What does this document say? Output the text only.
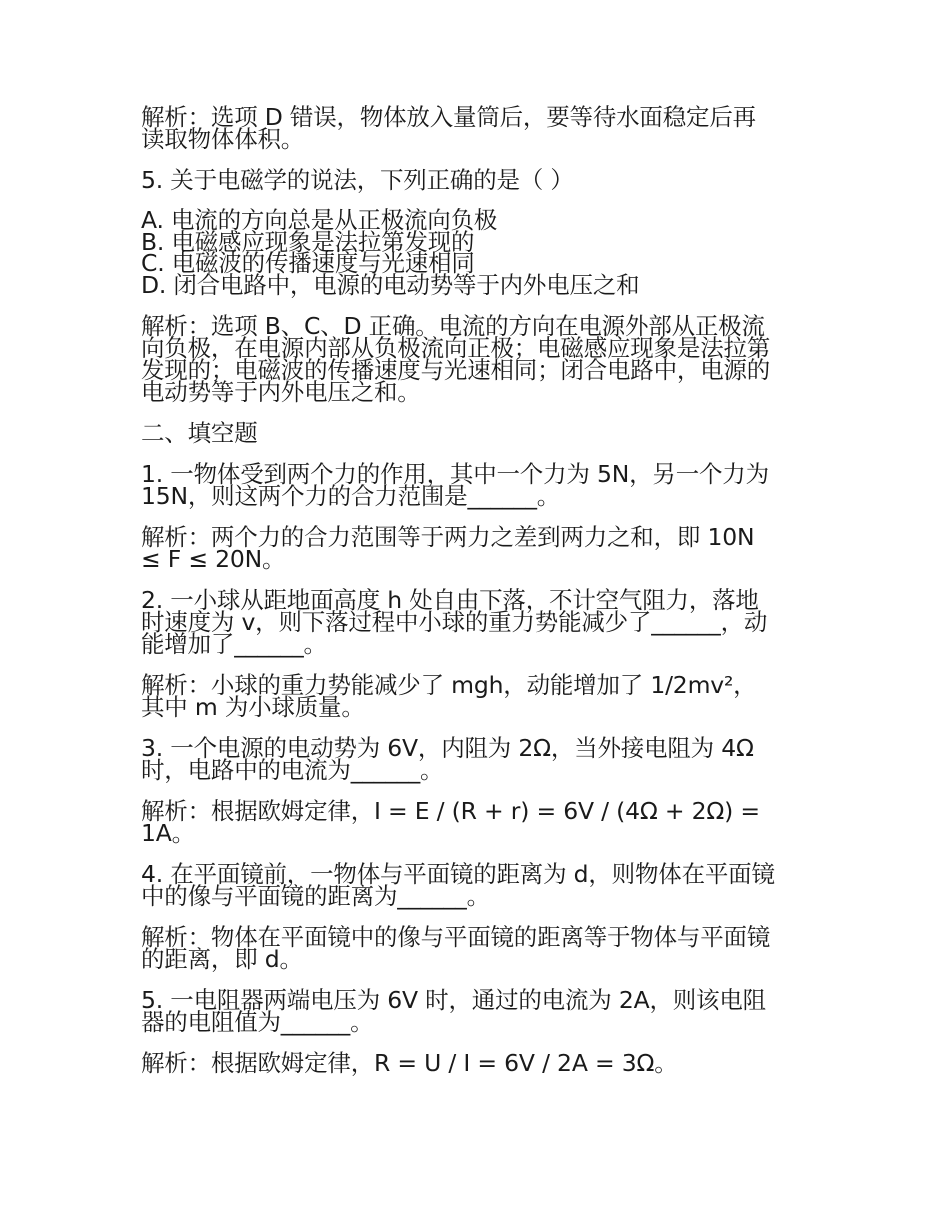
解析：选项 D 错误，物体放入量筒后，要等待水面稳定后再
读取物体体积。
5. 关于电磁学的说法，下列正确的是（ ）
A. 电流的方向总是从正极流向负极
B. 电磁感应现象是法拉第发现的
C. 电磁波的传播速度与光速相同
D. 闭合电路中，电源的电动势等于内外电压之和
解析：选项 B、C、D 正确。电流的方向在电源外部从正极流
向负极，在电源内部从负极流向正极；电磁感应现象是法拉第
发现的；电磁波的传播速度与光速相同；闭合电路中，电源的
电动势等于内外电压之和。
二、填空题
1. 一物体受到两个力的作用，其中一个力为 5N，另一个力为
15N，则这两个力的合力范围是______。
解析：两个力的合力范围等于两力之差到两力之和，即 10N
≤ F ≤ 20N。
2. 一小球从距地面高度 h 处自由下落，不计空气阻力，落地
时速度为 v，则下落过程中小球的重力势能减少了______，动
能增加了______。
解析：小球的重力势能减少了 mgh，动能增加了 1/2mv²，
其中 m 为小球质量。
3. 一个电源的电动势为 6V，内阻为 2Ω，当外接电阻为 4Ω
时，电路中的电流为______。
解析：根据欧姆定律，I = E / (R + r) = 6V / (4Ω + 2Ω) =
1A。
4. 在平面镜前，一物体与平面镜的距离为 d，则物体在平面镜
中的像与平面镜的距离为______。
解析：物体在平面镜中的像与平面镜的距离等于物体与平面镜
的距离，即 d。
5. 一电阻器两端电压为 6V 时，通过的电流为 2A，则该电阻
器的电阻值为______。
解析：根据欧姆定律，R = U / I = 6V / 2A = 3Ω。
